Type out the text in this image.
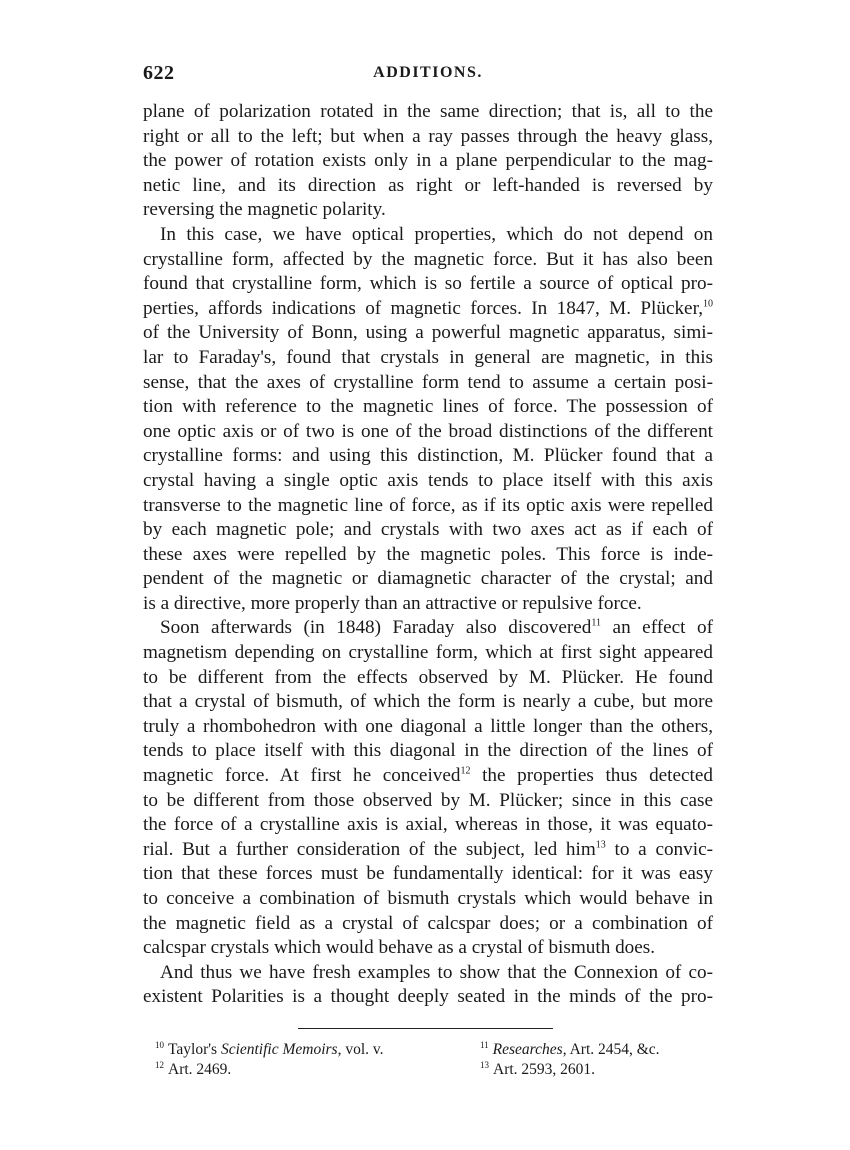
622	ADDITIONS.
plane of polarization rotated in the same direction; that is, all to the
right or all to the left; but when a ray passes through the heavy glass,
the power of rotation exists only in a plane perpendicular to the mag-
netic line, and its direction as right or left-handed is reversed by
reversing the magnetic polarity.
In this case, we have optical properties, which do not depend on
crystalline form, affected by the magnetic force. But it has also been
found that crystalline form, which is so fertile a source of optical pro-
perties, affords indications of magnetic forces. In 1847, M. Plücker,$^{10}$
of the University of Bonn, using a powerful magnetic apparatus, simi-
lar to Faraday's, found that crystals in general are magnetic, in this
sense, that the axes of crystalline form tend to assume a certain posi-
tion with reference to the magnetic lines of force. The possession of
one optic axis or of two is one of the broad distinctions of the different
crystalline forms: and using this distinction, M. Plücker found that a
crystal having a single optic axis tends to place itself with this axis
transverse to the magnetic line of force, as if its optic axis were repelled
by each magnetic pole; and crystals with two axes act as if each of
these axes were repelled by the magnetic poles. This force is inde-
pendent of the magnetic or diamagnetic character of the crystal; and
is a directive, more properly than an attractive or repulsive force.
Soon afterwards (in 1848) Faraday also discovered$^{11}$ an effect of
magnetism depending on crystalline form, which at first sight appeared
to be different from the effects observed by M. Plücker. He found
that a crystal of bismuth, of which the form is nearly a cube, but more
truly a rhombohedron with one diagonal a little longer than the others,
tends to place itself with this diagonal in the direction of the lines of
magnetic force. At first he conceived$^{12}$ the properties thus detected
to be different from those observed by M. Plücker; since in this case
the force of a crystalline axis is axial, whereas in those, it was equato-
rial. But a further consideration of the subject, led him$^{13}$ to a convic-
tion that these forces must be fundamentally identical: for it was easy
to conceive a combination of bismuth crystals which would behave in
the magnetic field as a crystal of calcspar does; or a combination of
calcspar crystals which would behave as a crystal of bismuth does.
And thus we have fresh examples to show that the Connexion of co-
existent Polarities is a thought deeply seated in the minds of the pro-
$^{10}$ Taylor's Scientific Memoirs, vol. v.	$^{11}$ Researches, Art. 2454, &c.
$^{12}$ Art. 2469.	$^{13}$ Art. 2593, 2601.
